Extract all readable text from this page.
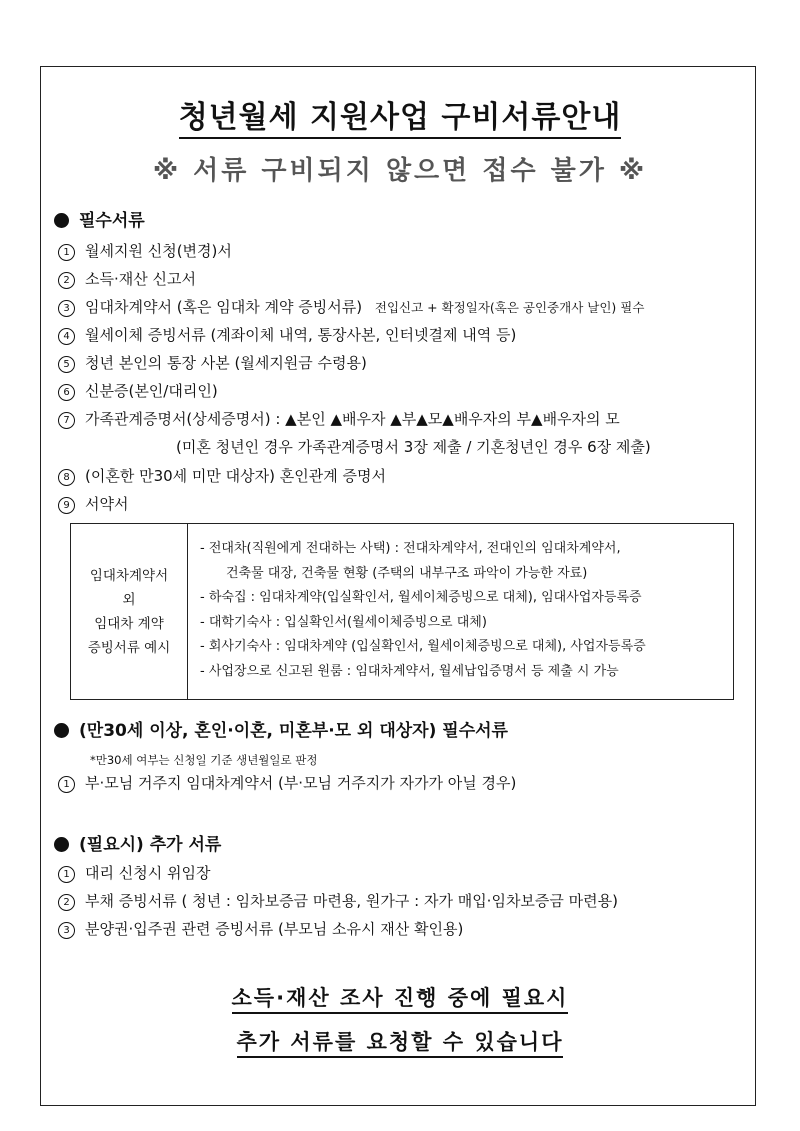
청년월세 지원사업 구비서류안내
※ 서류 구비되지 않으면 접수 불가 ※
필수서류
1 월세지원 신청(변경)서
2 소득·재산 신고서
3 임대차계약서 (혹은 임대차 계약 증빙서류) 전입신고 + 확정일자(혹은 공인중개사 날인) 필수
4 월세이체 증빙서류 (계좌이체 내역, 통장사본, 인터넷결제 내역 등)
5 청년 본인의 통장 사본 (월세지원금 수령용)
6 신분증(본인/대리인)
7 가족관계증명서(상세증명서) : ▲본인 ▲배우자 ▲부▲모▲배우자의 부▲배우자의 모
(미혼 청년인 경우 가족관계증명서 3장 제출 / 기혼청년인 경우 6장 제출)
8 (이혼한 만30세 미만 대상자) 혼인관계 증명서
9 서약서
임대차계약서
외
임대차 계약
증빙서류 예시
- 전대차(직원에게 전대하는 사택) : 전대차계약서, 전대인의 임대차계약서,
건축물 대장, 건축물 현황 (주택의 내부구조 파악이 가능한 자료)
- 하숙집 : 임대차계약(입실확인서, 월세이체증빙으로 대체), 임대사업자등록증
- 대학기숙사 : 입실확인서(월세이체증빙으로 대체)
- 회사기숙사 : 임대차계약 (입실확인서, 월세이체증빙으로 대체), 사업자등록증
- 사업장으로 신고된 원룸 : 임대차계약서, 월세납입증명서 등 제출 시 가능
(만30세 이상, 혼인·이혼, 미혼부·모 외 대상자) 필수서류
*만30세 여부는 신청일 기준 생년월일로 판정
1 부·모님 거주지 임대차계약서 (부·모님 거주지가 자가가 아닐 경우)
(필요시) 추가 서류
1 대리 신청시 위임장
2 부채 증빙서류 ( 청년 : 임차보증금 마련용, 원가구 : 자가 매입·임차보증금 마련용)
3 분양권·입주권 관련 증빙서류 (부모님 소유시 재산 확인용)
소득·재산 조사 진행 중에 필요시
추가 서류를 요청할 수 있습니다
